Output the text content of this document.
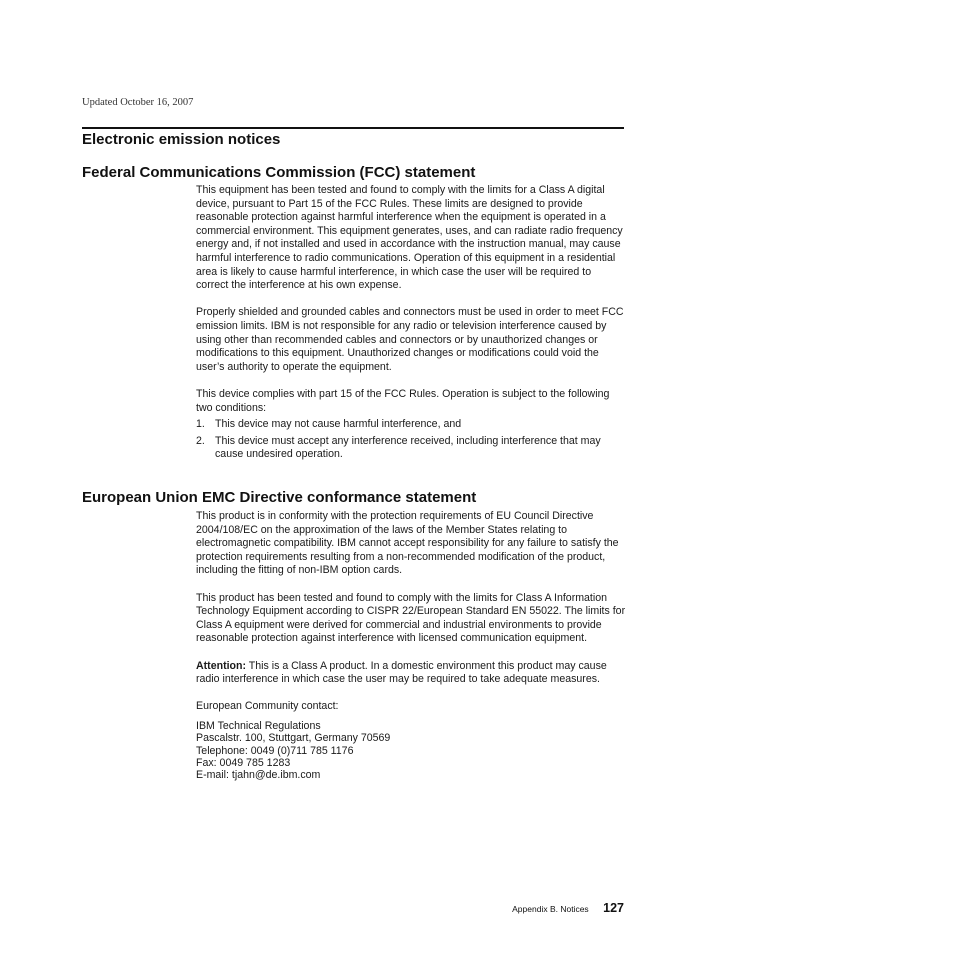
Updated October 16, 2007
Electronic emission notices
Federal Communications Commission (FCC) statement

This equipment has been tested and found to comply with the limits for a Class A digital device, pursuant to Part 15 of the FCC Rules. These limits are designed to provide reasonable protection against harmful interference when the equipment is operated in a commercial environment. This equipment generates, uses, and can radiate radio frequency energy and, if not installed and used in accordance with the instruction manual, may cause harmful interference to radio communications. Operation of this equipment in a residential area is likely to cause harmful interference, in which case the user will be required to correct the interference at his own expense.

Properly shielded and grounded cables and connectors must be used in order to meet FCC emission limits. IBM is not responsible for any radio or television interference caused by using other than recommended cables and connectors or by unauthorized changes or modifications to this equipment. Unauthorized changes or modifications could void the user’s authority to operate the equipment.

This device complies with part 15 of the FCC Rules. Operation is subject to the following two conditions:

1. This device may not cause harmful interference, and
2. This device must accept any interference received, including interference that may cause undesired operation.
European Union EMC Directive conformance statement

This product is in conformity with the protection requirements of EU Council Directive 2004/108/EC on the approximation of the laws of the Member States relating to electromagnetic compatibility. IBM cannot accept responsibility for any failure to satisfy the protection requirements resulting from a non-recommended modification of the product, including the fitting of non-IBM option cards.

This product has been tested and found to comply with the limits for Class A Information Technology Equipment according to CISPR 22/European Standard EN 55022. The limits for Class A equipment were derived for commercial and industrial environments to provide reasonable protection against interference with licensed communication equipment.

Attention: This is a Class A product. In a domestic environment this product may cause radio interference in which case the user may be required to take adequate measures.

European Community contact:

IBM Technical Regulations
Pascalstr. 100, Stuttgart, Germany 70569
Telephone: 0049 (0)711 785 1176
Fax: 0049 785 1283
E-mail: tjahn@de.ibm.com
Appendix B. Notices 127
